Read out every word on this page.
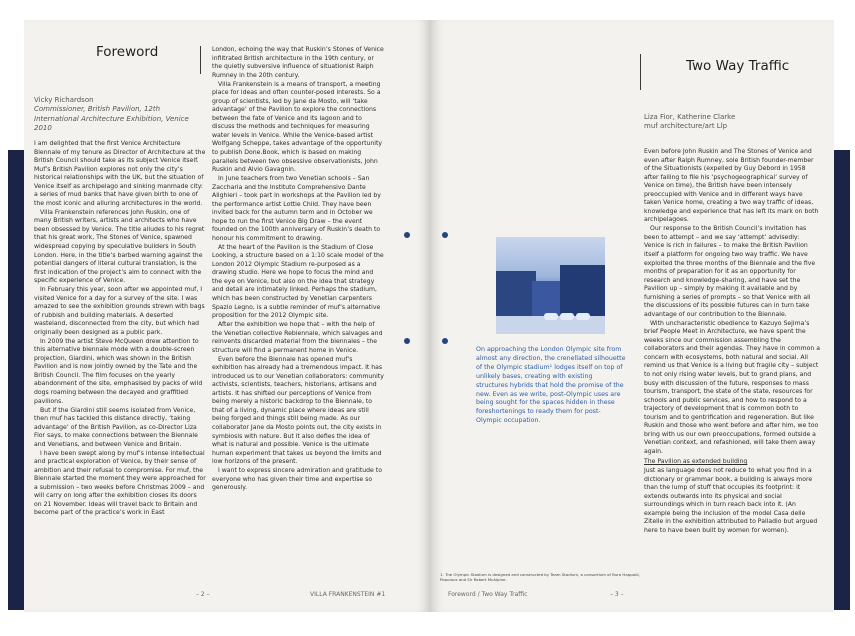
Foreword
Vicky Richardson
Commissioner, British Pavilion, 12th International Architecture Exhibition, Venice 2010

I am delighted that the first Venice Architecture Biennale of my tenure as Director of Architecture at the British Council should take as its subject Venice itself. Muf’s British Pavilion explores not only the city’s historical relationships with the UK, but the situation of Venice itself as archipelago and sinking manmade city: a series of mud banks that have given birth to one of the most iconic and alluring architectures in the world.

Villa Frankenstein references John Ruskin, one of many British writers, artists and architects who have been obsessed by Venice. The title alludes to his regret that his great work, The Stones of Venice, spawned widespread copying by speculative builders in South London. Here, in the title’s barbed warning against the potential dangers of literal cultural translation, is the first indication of the project’s aim to connect with the specific experience of Venice.

In February this year, soon after we appointed muf, I visited Venice for a day for a survey of the site. I was amazed to see the exhibition grounds strewn with bags of rubbish and building materials. A deserted wasteland, disconnected from the city, but which had originally been designed as a public park.

In 2009 the artist Steve McQueen drew attention to this alternative biennale mode with a double-screen projection, Giardini, which was shown in the British Pavilion and is now jointly owned by the Tate and the British Council. The film focuses on the yearly abandonment of the site, emphasised by packs of wild dogs roaming between the decayed and graffitied pavilions.

But if the Giardini still seems isolated from Venice, then muf has tackled this distance directly, ‘taking advantage’ of the British Pavilion, as co-Director Liza Fior says, to make connections between the Biennale and Venetians, and between Venice and Britain.

I have been swept along by muf’s intense intellectual and practical exploration of Venice, by their sense of ambition and their refusal to compromise. For muf, the Biennale started the moment they were approached for a submission – two weeks before Christmas 2009 – and will carry on long after the exhibition closes its doors on 21 November. Ideas will travel back to Britain and become part of the practice’s work in East

London, echoing the way that Ruskin’s Stones of Venice infiltrated British architecture in the 19th century, or the quietly subversive influence of situationist Ralph Rumney in the 20th century.

Villa Frankenstein is a means of transport, a meeting place for ideas and often counter-posed interests. So a group of scientists, led by Jane da Mosto, will ‘take advantage’ of the Pavilion to explore the connections between the fate of Venice and its lagoon and to discuss the methods and techniques for measuring water levels in Venice. While the Venice-based artist Wolfgang Scheppe, takes advantage of the opportunity to publish Done.Book, which is based on making parallels between two obsessive observationists, John Ruskin and Alvio Gavagnin.

In June teachers from two Venetian schools – San Zaccharia and the Instituto Comprehensivo Dante Alighieri – took part in workshops at the Pavilion led by the performance artist Lottie Child. They have been invited back for the autumn term and in October we hope to run the first Venice Big Draw – the event founded on the 100th anniversary of Ruskin’s death to honour his commitment to drawing.

At the heart of the Pavilion is the Stadium of Close Looking, a structure based on a 1:10 scale model of the London 2012 Olympic Stadium re-purposed as a drawing studio. Here we hope to focus the mind and the eye on Venice, but also on the idea that strategy and detail are intimately linked. Perhaps the stadium, which has been constructed by Venetian carpenters Spazio Legno, is a subtle reminder of muf’s alternative proposition for the 2012 Olympic site.

After the exhibition we hope that – with the help of the Venetian collective Rebiennale, which salvages and reinvents discarded material from the biennales – the structure will find a permanent home in Venice.

Even before the Biennale has opened muf’s exhibition has already had a tremendous impact. It has introduced us to our Venetian collaborators: community activists, scientists, teachers, historians, artisans and artists. It has shifted our perceptions of Venice from being merely a historic backdrop to the Biennale, to that of a living, dynamic place where ideas are still being forged and things still being made. As our collaborator Jane da Mosto points out, the city exists in symbiosis with nature. But it also defies the idea of what is natural and possible. Venice is the ultimate human experiment that takes us beyond the limits and low horizons of the present.

I want to express sincere admiration and gratitude to everyone who has given their time and expertise so generously.

– 2 –	VILLA FRANKENSTEIN #1

On approaching the London Olympic site from almost any direction, the crenellated silhouette of the Olympic stadium¹ lodges itself on top of unlikely bases, creating with existing structures hybrids that hold the promise of the new. Even as we write, post-Olympic uses are being sought for the spaces hidden in these foreshortenings to ready them for post-Olympic occupation.

1. The Olympic Stadium is designed and constructed by Team Stadium, a consortium of Buro Happold, Populous and Sir Robert McAlpine.

Two Way Traffic
Liza Fior, Katherine Clarke
muf architecture/art Llp

Even before John Ruskin and The Stones of Venice and even after Ralph Rumney, sole British founder-member of the Situationists (expelled by Guy Debord in 1958 after failing to file his ‘psychogeographical’ survey of Venice on time), the British have been intensely preoccupied with Venice and in different ways have taken Venice home, creating a two way traffic of ideas, knowledge and experience that has left its mark on both archipelagoes.

Our response to the British Council’s invitation has been to attempt – and we say ‘attempt’ advisedly: Venice is rich in failures – to make the British Pavilion itself a platform for ongoing two way traffic. We have exploited the three months of the Biennale and the five months of preparation for it as an opportunity for research and knowledge-sharing, and have set the Pavilion up – simply by making it available and by furnishing a series of prompts – so that Venice with all the discussions of its possible futures can in turn take advantage of our contribution to the Biennale.

With uncharacteristic obedience to Kazuyo Sejima’s brief People Meet in Architecture, we have spent the weeks since our commission assembling the collaborators and their agendas. They have in common a concern with ecosystems, both natural and social. All remind us that Venice is a living but fragile city – subject to not only rising water levels, but to grand plans, and busy with discussion of the future, responses to mass tourism, transport, the state of the state, resources for schools and public services, and how to respond to a trajectory of development that is common both to tourism and to gentrification and regeneration. But like Ruskin and those who went before and after him, we too bring with us our own preoccupations, formed outside a Venetian context, and refashioned, will take them away again.

The Pavilion as extended building

Just as language does not reduce to what you find in a dictionary or grammar book, a building is always more than the lump of stuff that occupies its footprint: it extends outwards into its physical and social surroundings which in turn reach back into it. (An example being the inclusion of the model Casa delle Zitelle in the exhibition attributed to Palladio but argued here to have been built by women for women).

Foreword / Two Way Traffic	– 3 –
